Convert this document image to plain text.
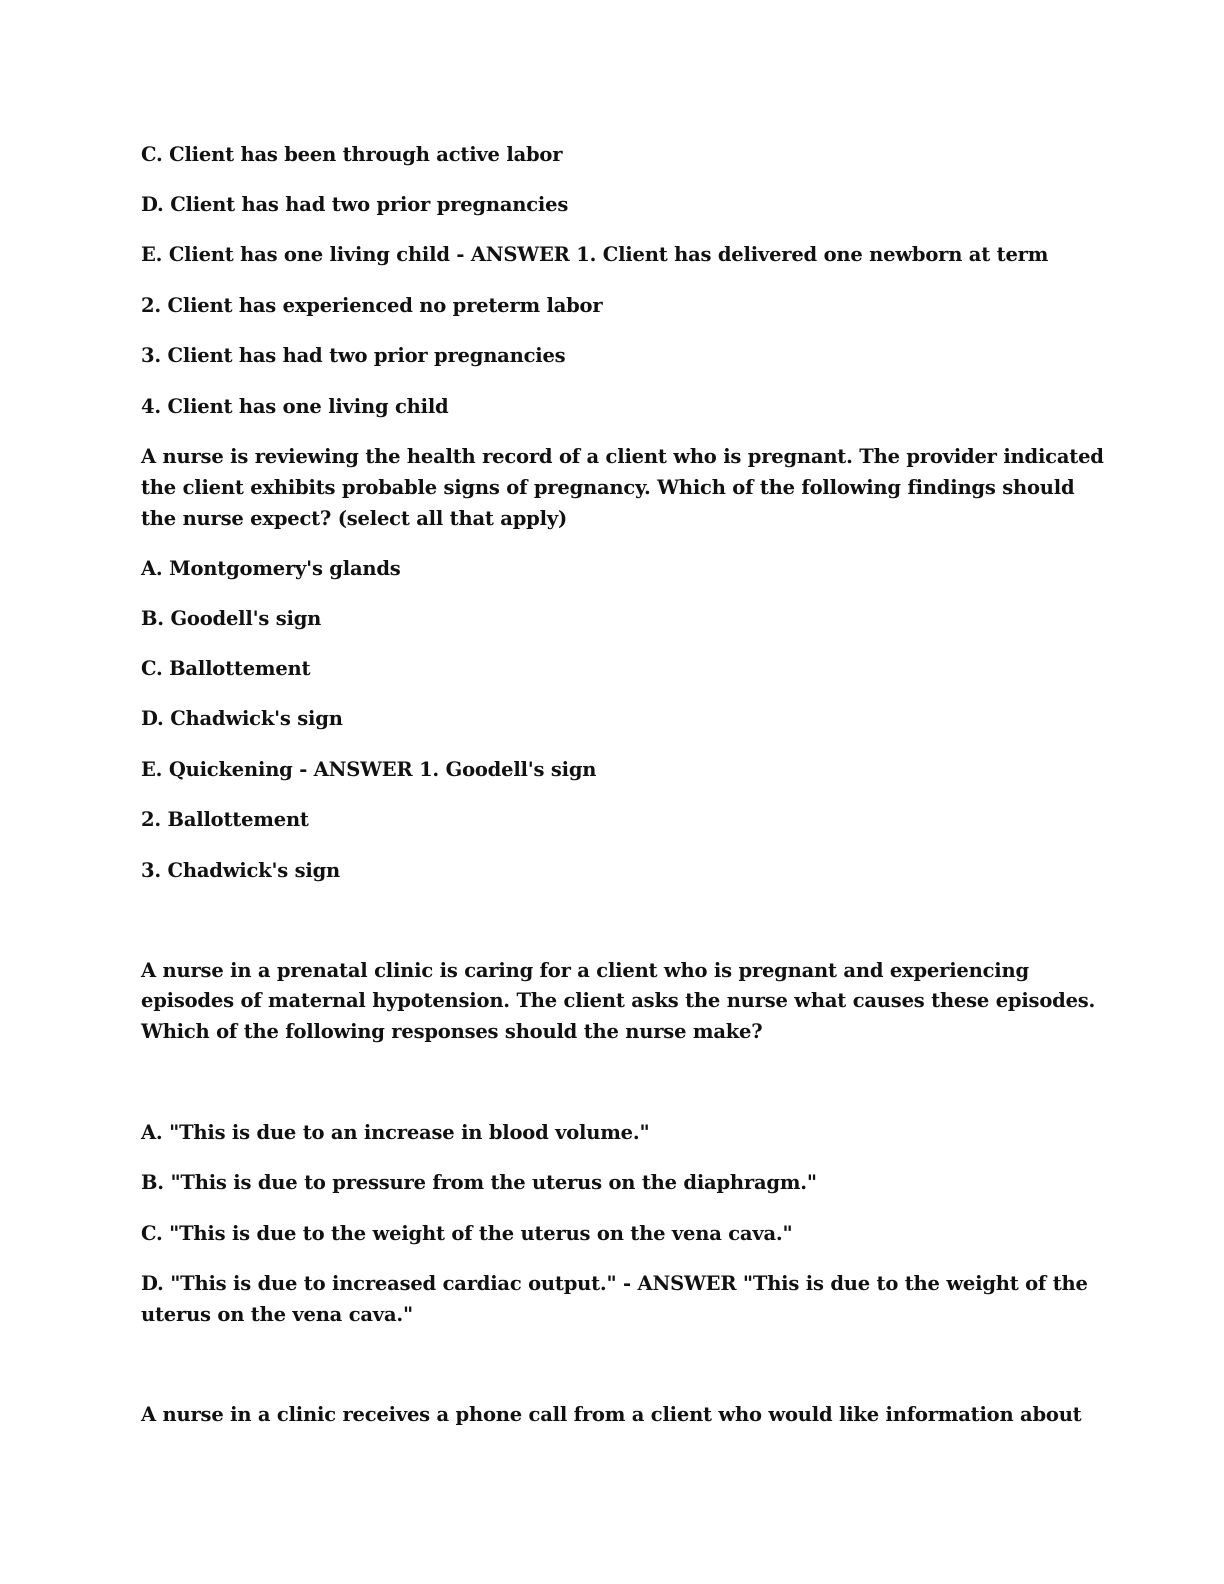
C. Client has been through active labor

D. Client has had two prior pregnancies

E. Client has one living child - ANSWER 1. Client has delivered one newborn at term

2. Client has experienced no preterm labor

3. Client has had two prior pregnancies

4. Client has one living child

A nurse is reviewing the health record of a client who is pregnant. The provider indicated

the client exhibits probable signs of pregnancy. Which of the following findings should

the nurse expect? (select all that apply)

A. Montgomery's glands

B. Goodell's sign

C. Ballottement

D. Chadwick's sign

E. Quickening - ANSWER 1. Goodell's sign

2. Ballottement

3. Chadwick's sign

A nurse in a prenatal clinic is caring for a client who is pregnant and experiencing

episodes of maternal hypotension. The client asks the nurse what causes these episodes.

Which of the following responses should the nurse make?

A. "This is due to an increase in blood volume."

B. "This is due to pressure from the uterus on the diaphragm."

C. "This is due to the weight of the uterus on the vena cava."

D. "This is due to increased cardiac output." - ANSWER "This is due to the weight of the

uterus on the vena cava."

A nurse in a clinic receives a phone call from a client who would like information about
